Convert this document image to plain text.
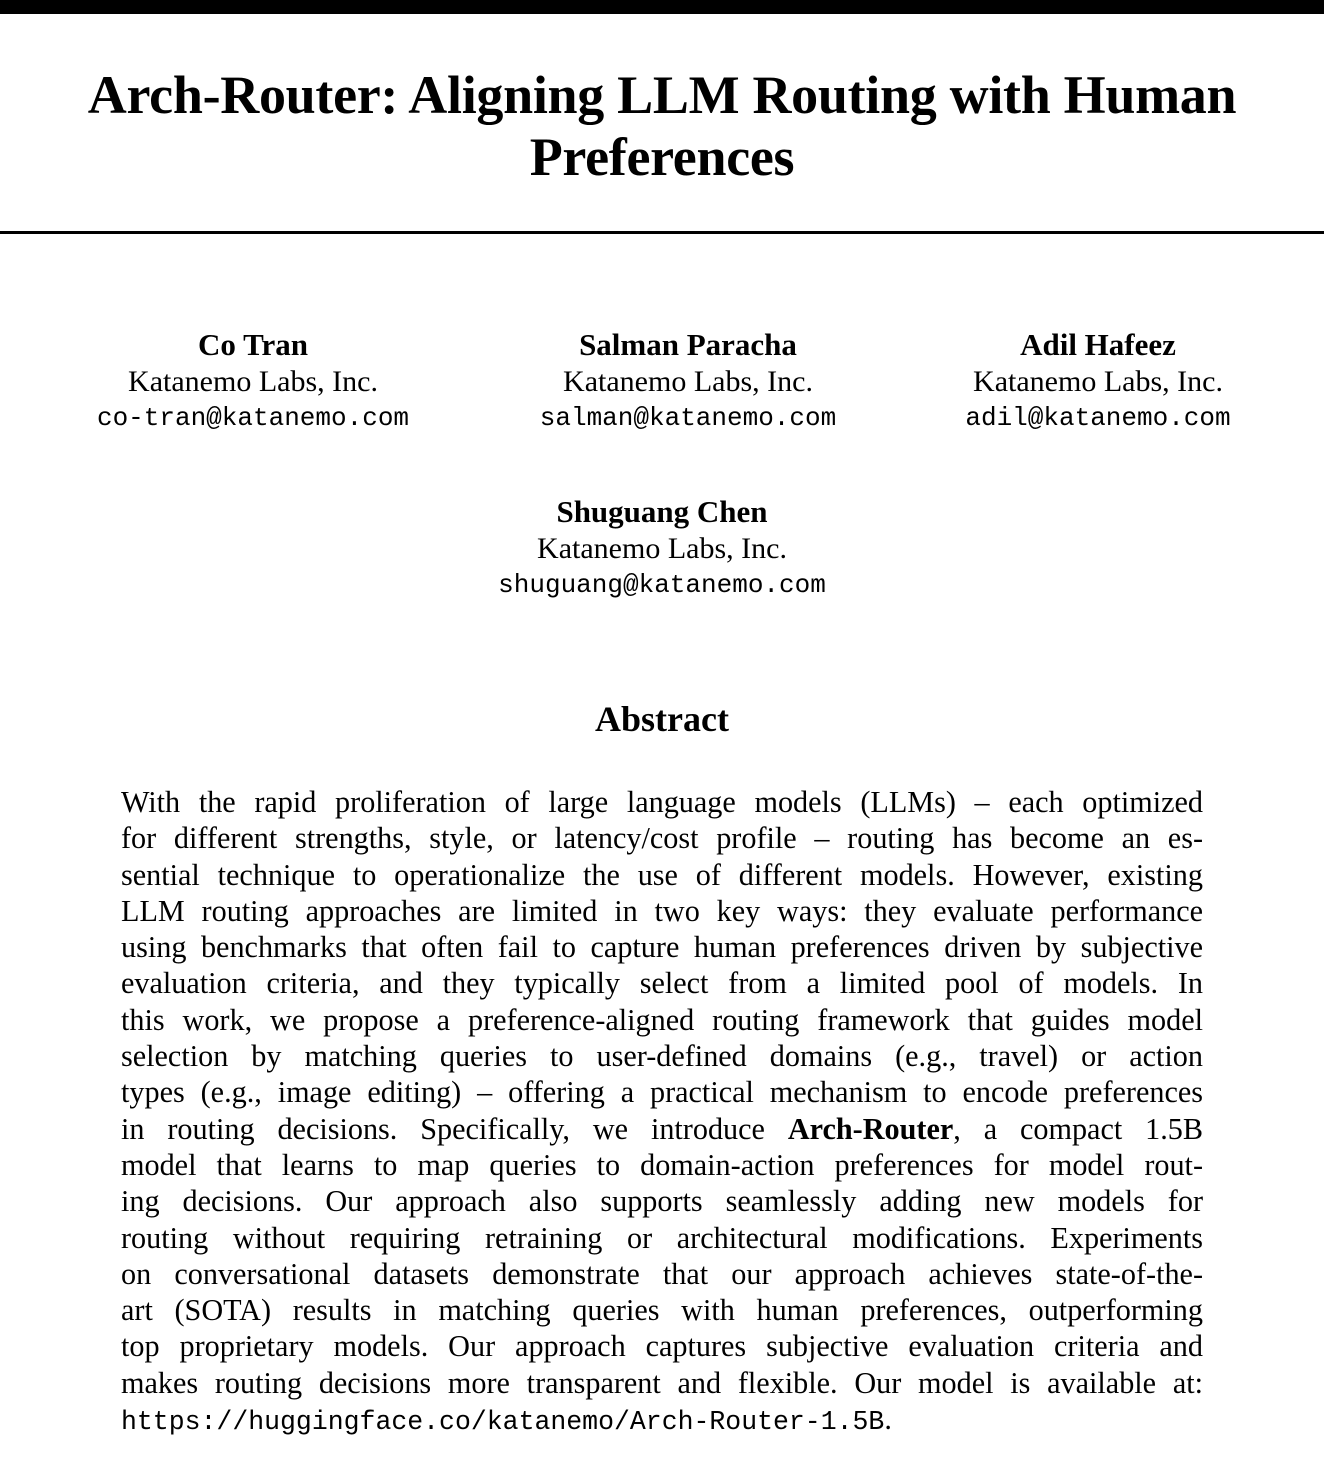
Arch-Router: Aligning LLM Routing with Human
Preferences
Co Tran
Katanemo Labs, Inc.
co-tran@katanemo.com
Salman Paracha
Katanemo Labs, Inc.
salman@katanemo.com
Adil Hafeez
Katanemo Labs, Inc.
adil@katanemo.com
Shuguang Chen
Katanemo Labs, Inc.
shuguang@katanemo.com
Abstract
With the rapid proliferation of large language models (LLMs) – each optimized
for different strengths, style, or latency/cost profile – routing has become an es-
sential technique to operationalize the use of different models. However, existing
LLM routing approaches are limited in two key ways: they evaluate performance
using benchmarks that often fail to capture human preferences driven by subjective
evaluation criteria, and they typically select from a limited pool of models. In
this work, we propose a preference-aligned routing framework that guides model
selection by matching queries to user-defined domains (e.g., travel) or action
types (e.g., image editing) – offering a practical mechanism to encode preferences
in routing decisions. Specifically, we introduce Arch-Router, a compact 1.5B
model that learns to map queries to domain-action preferences for model rout-
ing decisions. Our approach also supports seamlessly adding new models for
routing without requiring retraining or architectural modifications. Experiments
on conversational datasets demonstrate that our approach achieves state-of-the-
art (SOTA) results in matching queries with human preferences, outperforming
top proprietary models. Our approach captures subjective evaluation criteria and
makes routing decisions more transparent and flexible. Our model is available at:
https://huggingface.co/katanemo/Arch-Router-1.5B.
